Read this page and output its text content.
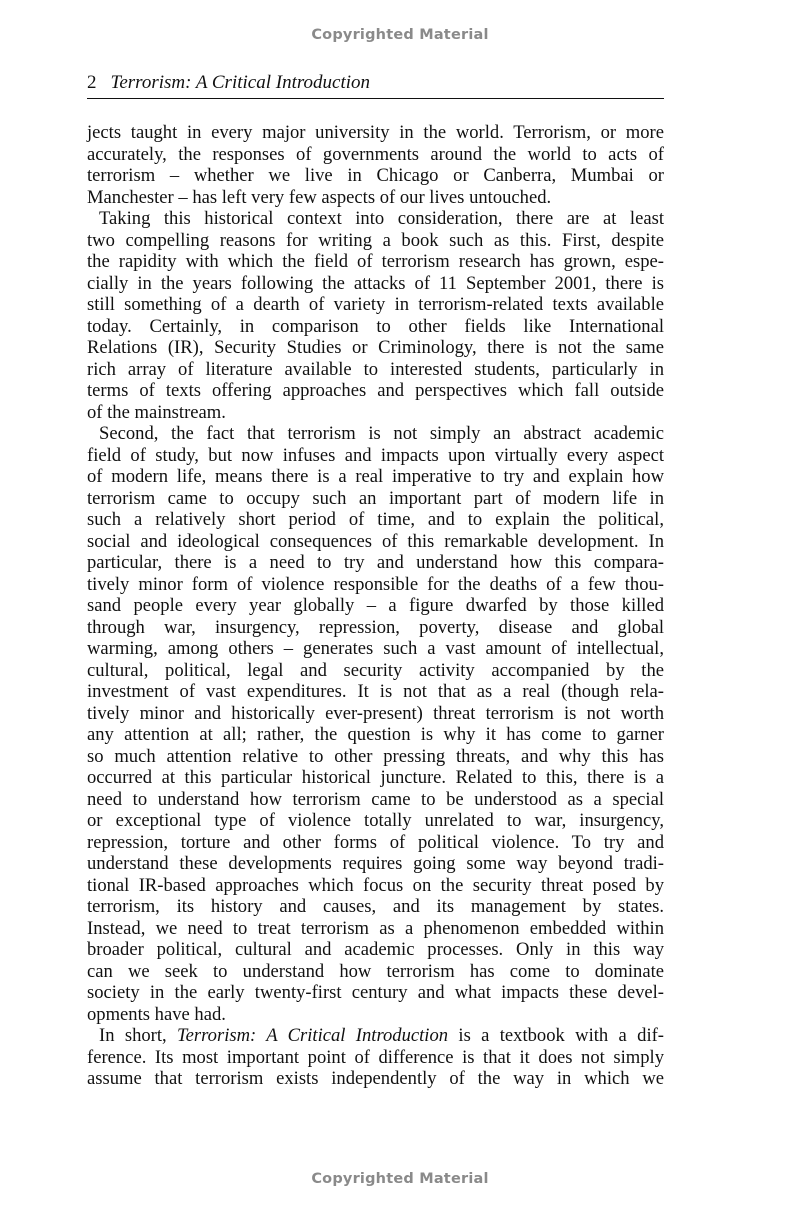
Copyrighted Material
2 Terrorism: A Critical Introduction
jects taught in every major university in the world. Terrorism, or more
accurately, the responses of governments around the world to acts of
terrorism – whether we live in Chicago or Canberra, Mumbai or
Manchester – has left very few aspects of our lives untouched.
Taking this historical context into consideration, there are at least
two compelling reasons for writing a book such as this. First, despite
the rapidity with which the field of terrorism research has grown, espe-
cially in the years following the attacks of 11 September 2001, there is
still something of a dearth of variety in terrorism-related texts available
today. Certainly, in comparison to other fields like International
Relations (IR), Security Studies or Criminology, there is not the same
rich array of literature available to interested students, particularly in
terms of texts offering approaches and perspectives which fall outside
of the mainstream.
Second, the fact that terrorism is not simply an abstract academic
field of study, but now infuses and impacts upon virtually every aspect
of modern life, means there is a real imperative to try and explain how
terrorism came to occupy such an important part of modern life in
such a relatively short period of time, and to explain the political,
social and ideological consequences of this remarkable development. In
particular, there is a need to try and understand how this compara-
tively minor form of violence responsible for the deaths of a few thou-
sand people every year globally – a figure dwarfed by those killed
through war, insurgency, repression, poverty, disease and global
warming, among others – generates such a vast amount of intellectual,
cultural, political, legal and security activity accompanied by the
investment of vast expenditures. It is not that as a real (though rela-
tively minor and historically ever-present) threat terrorism is not worth
any attention at all; rather, the question is why it has come to garner
so much attention relative to other pressing threats, and why this has
occurred at this particular historical juncture. Related to this, there is a
need to understand how terrorism came to be understood as a special
or exceptional type of violence totally unrelated to war, insurgency,
repression, torture and other forms of political violence. To try and
understand these developments requires going some way beyond tradi-
tional IR-based approaches which focus on the security threat posed by
terrorism, its history and causes, and its management by states.
Instead, we need to treat terrorism as a phenomenon embedded within
broader political, cultural and academic processes. Only in this way
can we seek to understand how terrorism has come to dominate
society in the early twenty-first century and what impacts these devel-
opments have had.
In short, Terrorism: A Critical Introduction is a textbook with a dif-
ference. Its most important point of difference is that it does not simply
assume that terrorism exists independently of the way in which we
Copyrighted Material
